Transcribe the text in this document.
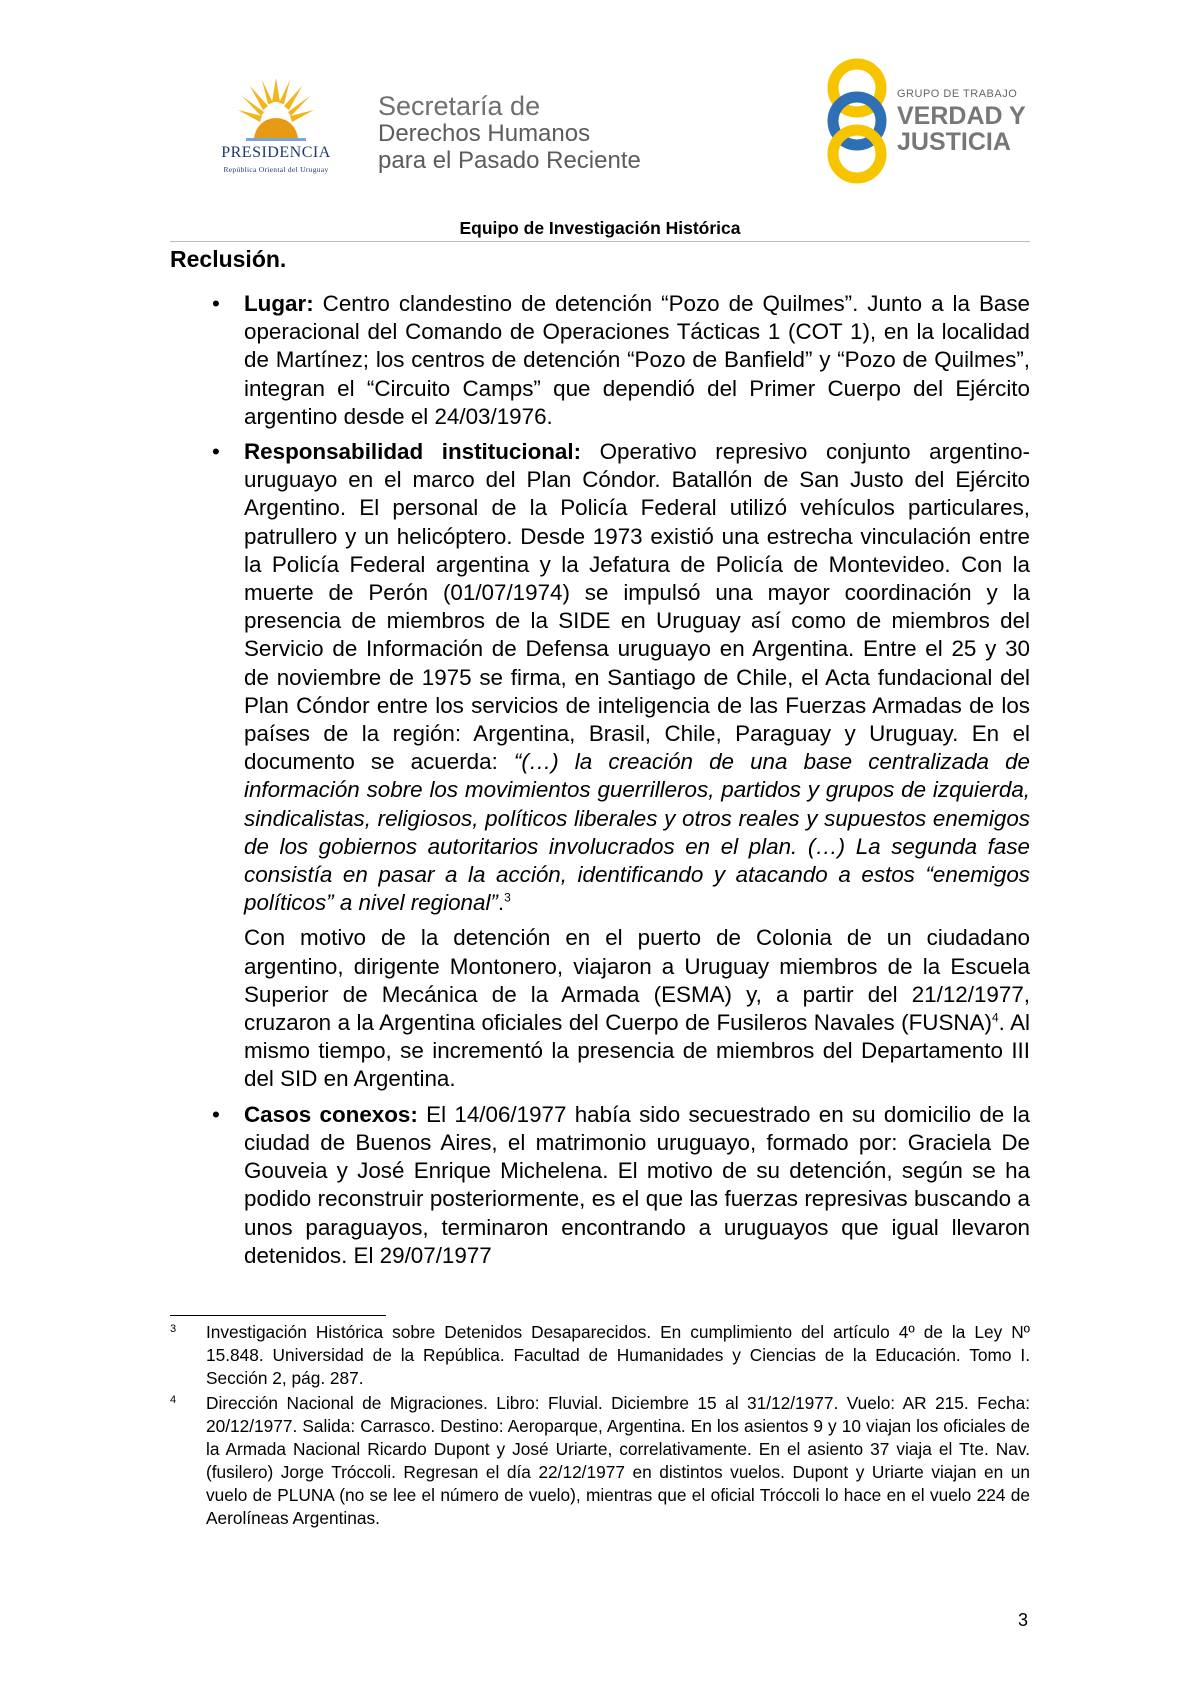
PRESIDENCIA
República Oriental del Uruguay
Secretaría de
Derechos Humanos
para el Pasado Reciente
GRUPO DE TRABAJO
VERDAD Y
JUSTICIA
Equipo de Investigación Histórica
Reclusión.
• Lugar: Centro clandestino de detención “Pozo de Quilmes”. Junto a la Base operacional del Comando de Operaciones Tácticas 1 (COT 1), en la localidad de Martínez; los centros de detención “Pozo de Banfield” y “Pozo de Quilmes”, integran el “Circuito Camps” que dependió del Primer Cuerpo del Ejército argentino desde el 24/03/1976.
• Responsabilidad institucional: Operativo represivo conjunto argentino-uruguayo en el marco del Plan Cóndor. Batallón de San Justo del Ejército Argentino. El personal de la Policía Federal utilizó vehículos particulares, patrullero y un helicóptero. Desde 1973 existió una estrecha vinculación entre la Policía Federal argentina y la Jefatura de Policía de Montevideo. Con la muerte de Perón (01/07/1974) se impulsó una mayor coordinación y la presencia de miembros de la SIDE en Uruguay así como de miembros del Servicio de Información de Defensa uruguayo en Argentina. Entre el 25 y 30 de noviembre de 1975 se firma, en Santiago de Chile, el Acta fundacional del Plan Cóndor entre los servicios de inteligencia de las Fuerzas Armadas de los países de la región: Argentina, Brasil, Chile, Paraguay y Uruguay. En el documento se acuerda: “(…) la creación de una base centralizada de información sobre los movimientos guerrilleros, partidos y grupos de izquierda, sindicalistas, religiosos, políticos liberales y otros reales y supuestos enemigos de los gobiernos autoritarios involucrados en el plan. (…) La segunda fase consistía en pasar a la acción, identificando y atacando a estos “enemigos políticos” a nivel regional”.$^3$
Con motivo de la detención en el puerto de Colonia de un ciudadano argentino, dirigente Montonero, viajaron a Uruguay miembros de la Escuela Superior de Mecánica de la Armada (ESMA) y, a partir del 21/12/1977, cruzaron a la Argentina oficiales del Cuerpo de Fusileros Navales (FUSNA)$^4$. Al mismo tiempo, se incrementó la presencia de miembros del Departamento III del SID en Argentina.
• Casos conexos: El 14/06/1977 había sido secuestrado en su domicilio de la ciudad de Buenos Aires, el matrimonio uruguayo, formado por: Graciela De Gouveia y José Enrique Michelena. El motivo de su detención, según se ha podido reconstruir posteriormente, es el que las fuerzas represivas buscando a unos paraguayos, terminaron encontrando a uruguayos que igual llevaron detenidos. El 29/07/1977
3 Investigación Histórica sobre Detenidos Desaparecidos. En cumplimiento del artículo 4º de la Ley Nº 15.848. Universidad de la República. Facultad de Humanidades y Ciencias de la Educación. Tomo I. Sección 2, pág. 287.
4 Dirección Nacional de Migraciones. Libro: Fluvial. Diciembre 15 al 31/12/1977. Vuelo: AR 215. Fecha: 20/12/1977. Salida: Carrasco. Destino: Aeroparque, Argentina. En los asientos 9 y 10 viajan los oficiales de la Armada Nacional Ricardo Dupont y José Uriarte, correlativamente. En el asiento 37 viaja el Tte. Nav. (fusilero) Jorge Tróccoli. Regresan el día 22/12/1977 en distintos vuelos. Dupont y Uriarte viajan en un vuelo de PLUNA (no se lee el número de vuelo), mientras que el oficial Tróccoli lo hace en el vuelo 224 de Aerolíneas Argentinas.
3
